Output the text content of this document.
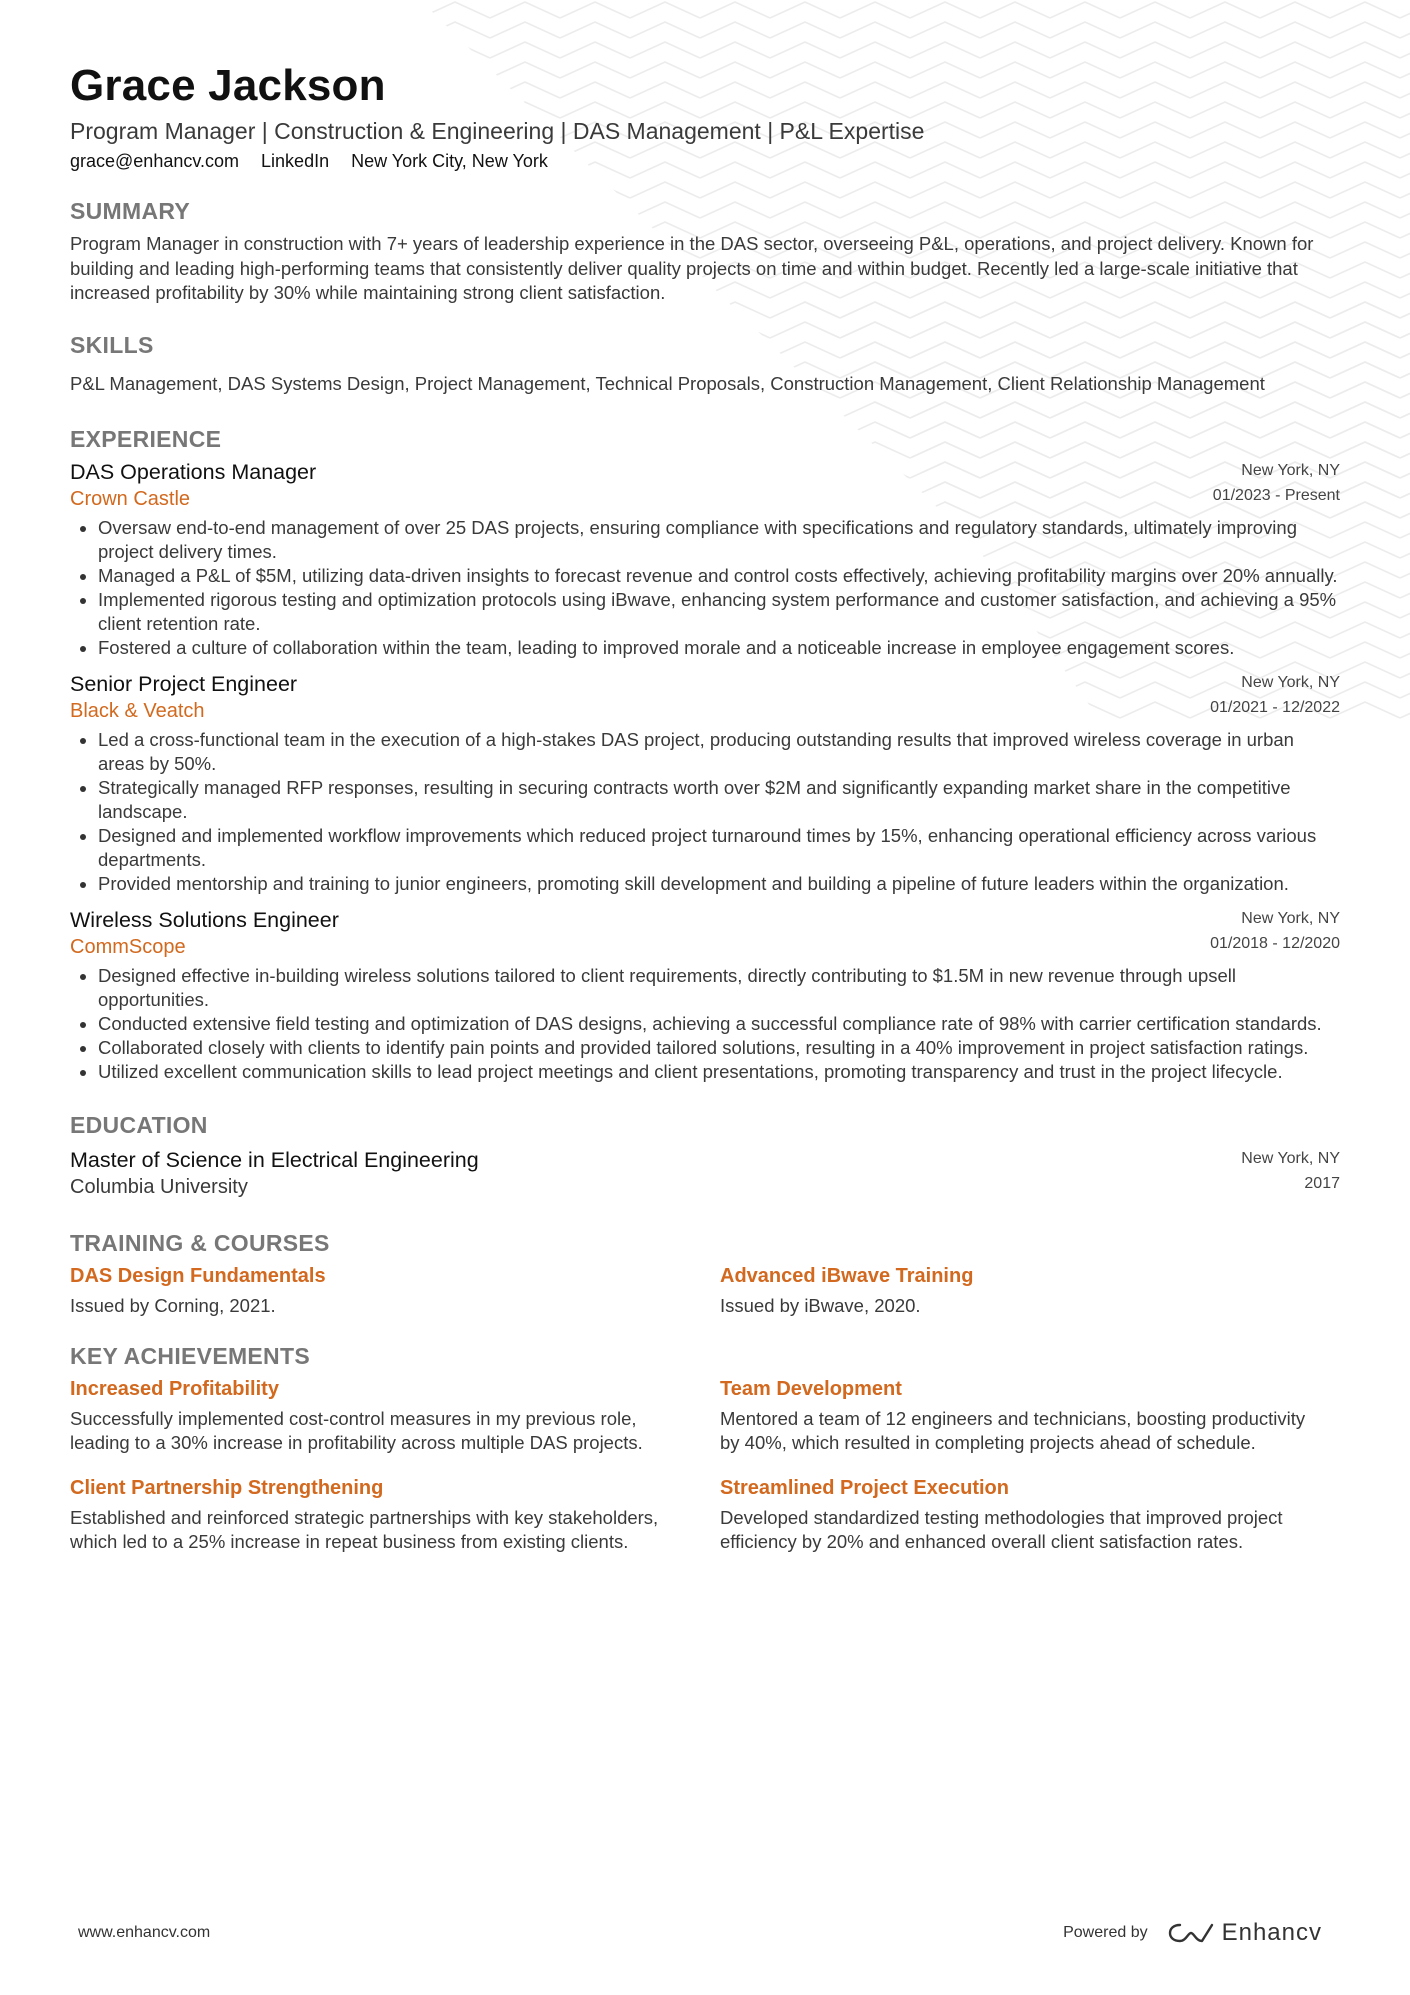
Grace Jackson
Program Manager | Construction & Engineering | DAS Management | P&L Expertise
grace@enhancv.com LinkedIn New York City, New York
SUMMARY

Program Manager in construction with 7+ years of leadership experience in the DAS sector, overseeing P&L, operations, and project delivery. Known for building and leading high-performing teams that consistently deliver quality projects on time and within budget. Recently led a large-scale initiative that increased profitability by 30% while maintaining strong client satisfaction.

SKILLS

P&L Management, DAS Systems Design, Project Management, Technical Proposals, Construction Management, Client Relationship Management

EXPERIENCE
DAS Operations Manager
Crown Castle
New York, NY
01/2023 - Present
Oversaw end-to-end management of over 25 DAS projects, ensuring compliance with specifications and regulatory standards, ultimately improving project delivery times.
Managed a P&L of $5M, utilizing data-driven insights to forecast revenue and control costs effectively, achieving profitability margins over 20% annually.
Implemented rigorous testing and optimization protocols using iBwave, enhancing system performance and customer satisfaction, and achieving a 95% client retention rate.
Fostered a culture of collaboration within the team, leading to improved morale and a noticeable increase in employee engagement scores.
Senior Project Engineer
Black & Veatch
New York, NY
01/2021 - 12/2022
Led a cross-functional team in the execution of a high-stakes DAS project, producing outstanding results that improved wireless coverage in urban areas by 50%.
Strategically managed RFP responses, resulting in securing contracts worth over $2M and significantly expanding market share in the competitive landscape.
Designed and implemented workflow improvements which reduced project turnaround times by 15%, enhancing operational efficiency across various departments.
Provided mentorship and training to junior engineers, promoting skill development and building a pipeline of future leaders within the organization.
Wireless Solutions Engineer
CommScope
New York, NY
01/2018 - 12/2020
Designed effective in-building wireless solutions tailored to client requirements, directly contributing to $1.5M in new revenue through upsell opportunities.
Conducted extensive field testing and optimization of DAS designs, achieving a successful compliance rate of 98% with carrier certification standards.
Collaborated closely with clients to identify pain points and provided tailored solutions, resulting in a 40% improvement in project satisfaction ratings.
Utilized excellent communication skills to lead project meetings and client presentations, promoting transparency and trust in the project lifecycle.
EDUCATION
Master of Science in Electrical Engineering
Columbia University
New York, NY
2017
TRAINING & COURSES
DAS Design Fundamentals
Issued by Corning, 2021.
Advanced iBwave Training
Issued by iBwave, 2020.
KEY ACHIEVEMENTS
Increased Profitability
Successfully implemented cost-control measures in my previous role, leading to a 30% increase in profitability across multiple DAS projects.
Team Development
Mentored a team of 12 engineers and technicians, boosting productivity by 40%, which resulted in completing projects ahead of schedule.
Client Partnership Strengthening
Established and reinforced strategic partnerships with key stakeholders, which led to a 25% increase in repeat business from existing clients.
Streamlined Project Execution
Developed standardized testing methodologies that improved project efficiency by 20% and enhanced overall client satisfaction rates.
www.enhancv.com	Powered by	Enhancv
